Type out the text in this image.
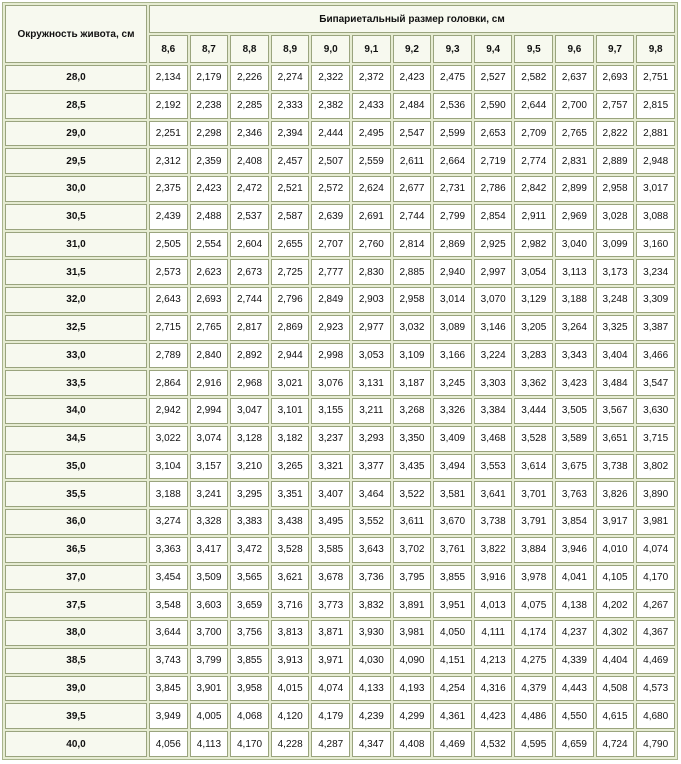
Окружность живота, см	Бипариетальный размер головки, см												
	8,6	8,7	8,8	8,9	9,0	9,1	9,2	9,3	9,4	9,5	9,6	9,7	9,8
28,0	2,134	2,179	2,226	2,274	2,322	2,372	2,423	2,475	2,527	2,582	2,637	2,693	2,751
28,5	2,192	2,238	2,285	2,333	2,382	2,433	2,484	2,536	2,590	2,644	2,700	2,757	2,815
29,0	2,251	2,298	2,346	2,394	2,444	2,495	2,547	2,599	2,653	2,709	2,765	2,822	2,881
29,5	2,312	2,359	2,408	2,457	2,507	2,559	2,611	2,664	2,719	2,774	2,831	2,889	2,948
30,0	2,375	2,423	2,472	2,521	2,572	2,624	2,677	2,731	2,786	2,842	2,899	2,958	3,017
30,5	2,439	2,488	2,537	2,587	2,639	2,691	2,744	2,799	2,854	2,911	2,969	3,028	3,088
31,0	2,505	2,554	2,604	2,655	2,707	2,760	2,814	2,869	2,925	2,982	3,040	3,099	3,160
31,5	2,573	2,623	2,673	2,725	2,777	2,830	2,885	2,940	2,997	3,054	3,113	3,173	3,234
32,0	2,643	2,693	2,744	2,796	2,849	2,903	2,958	3,014	3,070	3,129	3,188	3,248	3,309
32,5	2,715	2,765	2,817	2,869	2,923	2,977	3,032	3,089	3,146	3,205	3,264	3,325	3,387
33,0	2,789	2,840	2,892	2,944	2,998	3,053	3,109	3,166	3,224	3,283	3,343	3,404	3,466
33,5	2,864	2,916	2,968	3,021	3,076	3,131	3,187	3,245	3,303	3,362	3,423	3,484	3,547
34,0	2,942	2,994	3,047	3,101	3,155	3,211	3,268	3,326	3,384	3,444	3,505	3,567	3,630
34,5	3,022	3,074	3,128	3,182	3,237	3,293	3,350	3,409	3,468	3,528	3,589	3,651	3,715
35,0	3,104	3,157	3,210	3,265	3,321	3,377	3,435	3,494	3,553	3,614	3,675	3,738	3,802
35,5	3,188	3,241	3,295	3,351	3,407	3,464	3,522	3,581	3,641	3,701	3,763	3,826	3,890
36,0	3,274	3,328	3,383	3,438	3,495	3,552	3,611	3,670	3,738	3,791	3,854	3,917	3,981
36,5	3,363	3,417	3,472	3,528	3,585	3,643	3,702	3,761	3,822	3,884	3,946	4,010	4,074
37,0	3,454	3,509	3,565	3,621	3,678	3,736	3,795	3,855	3,916	3,978	4,041	4,105	4,170
37,5	3,548	3,603	3,659	3,716	3,773	3,832	3,891	3,951	4,013	4,075	4,138	4,202	4,267
38,0	3,644	3,700	3,756	3,813	3,871	3,930	3,981	4,050	4,111	4,174	4,237	4,302	4,367
38,5	3,743	3,799	3,855	3,913	3,971	4,030	4,090	4,151	4,213	4,275	4,339	4,404	4,469
39,0	3,845	3,901	3,958	4,015	4,074	4,133	4,193	4,254	4,316	4,379	4,443	4,508	4,573
39,5	3,949	4,005	4,068	4,120	4,179	4,239	4,299	4,361	4,423	4,486	4,550	4,615	4,680
40,0	4,056	4,113	4,170	4,228	4,287	4,347	4,408	4,469	4,532	4,595	4,659	4,724	4,790
